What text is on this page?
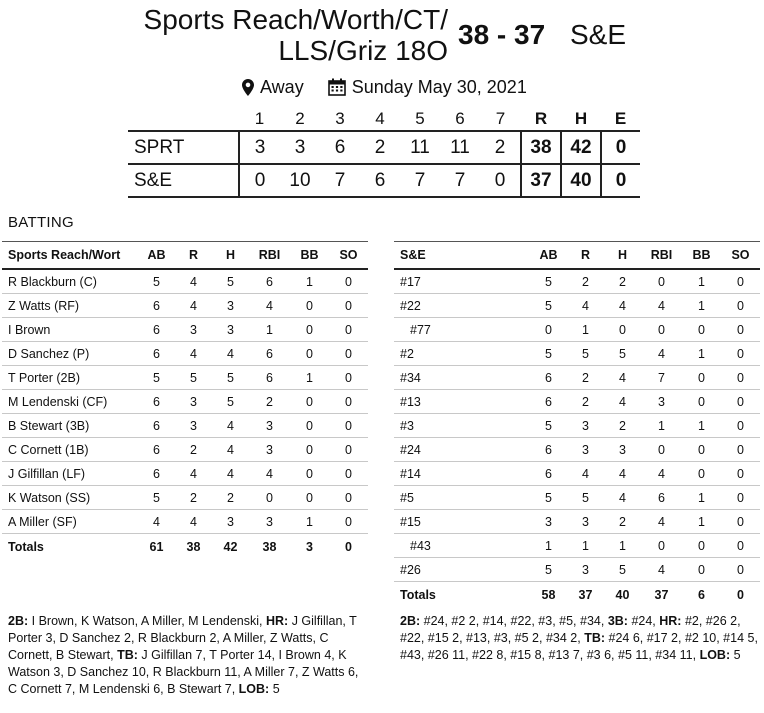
Sports Reach/Worth/CT/
LLS/Griz 18O
38 - 37 S&E
Away	Sunday May 30, 2021
	1	2	3	4	5	6	7	R	H	E
SPRT	3	3	6	2	11	11	2	38	42	0
S&E	0	10	7	6	7	7	0	37	40	0
BATTING
Sports Reach/Wort	AB	R	H	RBI	BB	SO
R Blackburn (C)	5	4	5	6	1	0
Z Watts (RF)	6	4	3	4	0	0
I Brown	6	3	3	1	0	0
D Sanchez (P)	6	4	4	6	0	0
T Porter (2B)	5	5	5	6	1	0
M Lendenski (CF)	6	3	5	2	0	0
B Stewart (3B)	6	3	4	3	0	0
C Cornett (1B)	6	2	4	3	0	0
J Gilfillan (LF)	6	4	4	4	0	0
K Watson (SS)	5	2	2	0	0	0
A Miller (SF)	4	4	3	3	1	0
Totals	61	38	42	38	3	0
S&E	AB	R	H	RBI	BB	SO
#17	5	2	2	0	1	0
#22	5	4	4	4	1	0
#77	0	1	0	0	0	0
#2	5	5	5	4	1	0
#34	6	2	4	7	0	0
#13	6	2	4	3	0	0
#3	5	3	2	1	1	0
#24	6	3	3	0	0	0
#14	6	4	4	4	0	0
#5	5	5	4	6	1	0
#15	3	3	2	4	1	0
#43	1	1	1	0	0	0
#26	5	3	5	4	0	0
Totals	58	37	40	37	6	0
2B: I Brown, K Watson, A Miller, M Lendenski, HR: J Gilfillan, T Porter 3, D Sanchez 2, R Blackburn 2, A Miller, Z Watts, C Cornett, B Stewart, TB: J Gilfillan 7, T Porter 14, I Brown 4, K Watson 3, D Sanchez 10, R Blackburn 11, A Miller 7, Z Watts 6, C Cornett 7, M Lendenski 6, B Stewart 7, LOB: 5
2B: #24, #2 2, #14, #22, #3, #5, #34, 3B: #24, HR: #2, #26 2, #22, #15 2, #13, #3, #5 2, #34 2, TB: #24 6, #17 2, #2 10, #14 5, #43, #26 11, #22 8, #15 8, #13 7, #3 6, #5 11, #34 11, LOB: 5
